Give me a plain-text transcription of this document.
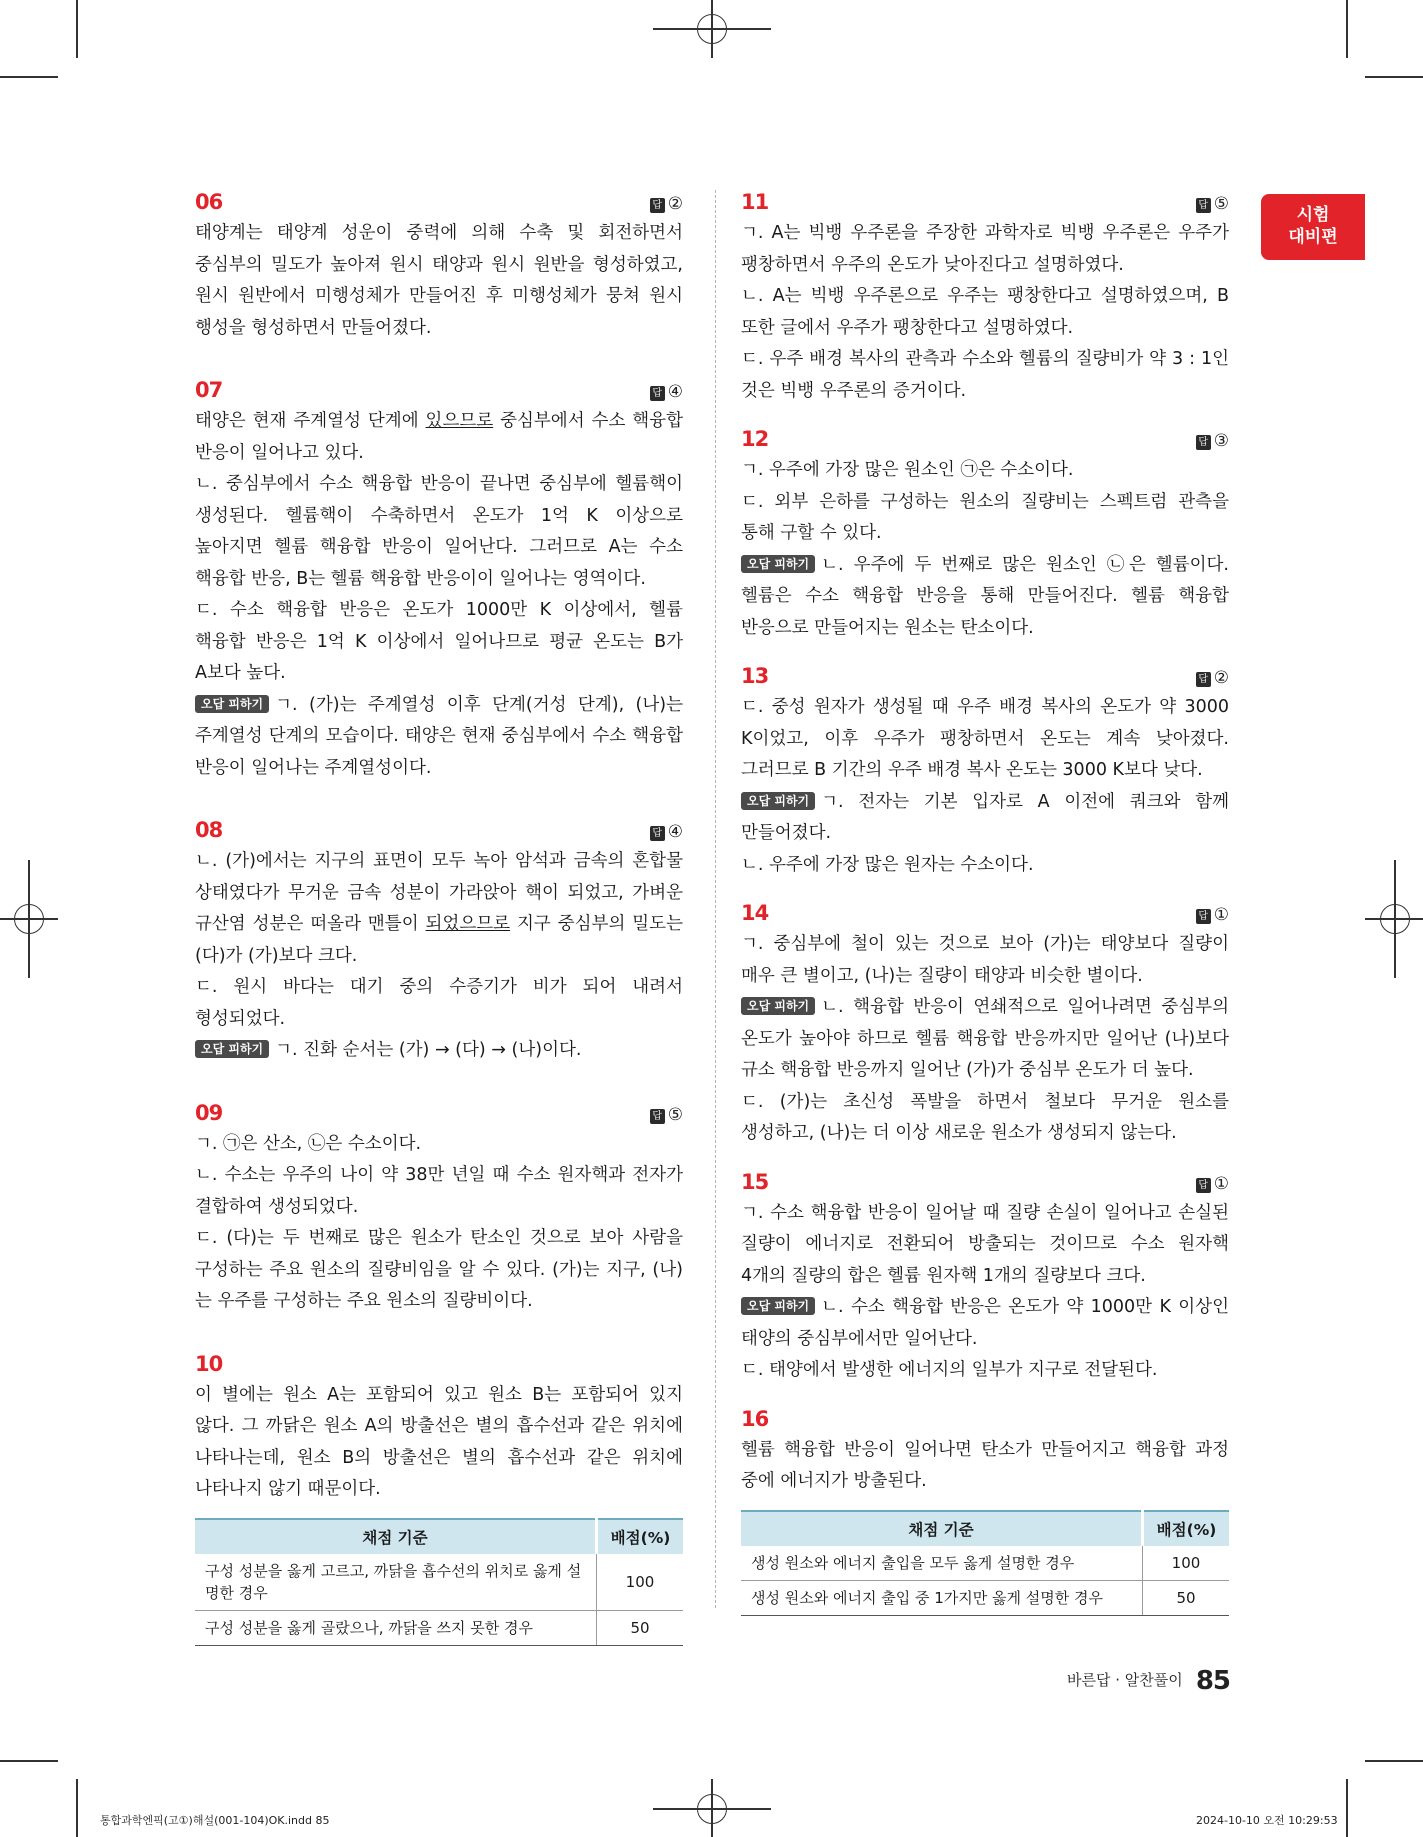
시험
대비편
06	답 ②

태양계는 태양계 성운이 중력에 의해 수축 및 회전하면서 중심부의 밀도가 높아져 원시 태양과 원시 원반을 형성하였고, 원시 원반에서 미행성체가 만들어진 후 미행성체가 뭉쳐 원시 행성을 형성하면서 만들어졌다.

07	답 ④

태양은 현재 주계열성 단계에 있으므로 중심부에서 수소 핵융합 반응이 일어나고 있다.

ㄴ. 중심부에서 수소 핵융합 반응이 끝나면 중심부에 헬륨핵이 생성된다. 헬륨핵이 수축하면서 온도가 1억 K 이상으로 높아지면 헬륨 핵융합 반응이 일어난다. 그러므로 A는 수소 핵융합 반응, B는 헬륨 핵융합 반응이이 일어나는 영역이다.

ㄷ. 수소 핵융합 반응은 온도가 1000만 K 이상에서, 헬륨 핵융합 반응은 1억 K 이상에서 일어나므로 평균 온도는 B가 A보다 높다.

오답 피하기 ㄱ. (가)는 주계열성 이후 단계(거성 단계), (나)는 주계열성 단계의 모습이다. 태양은 현재 중심부에서 수소 핵융합 반응이 일어나는 주계열성이다.

08	답 ④

ㄴ. (가)에서는 지구의 표면이 모두 녹아 암석과 금속의 혼합물 상태였다가 무거운 금속 성분이 가라앉아 핵이 되었고, 가벼운 규산염 성분은 떠올라 맨틀이 되었으므로 지구 중심부의 밀도는 (다)가 (가)보다 크다.

ㄷ. 원시 바다는 대기 중의 수증기가 비가 되어 내려서 형성되었다.

오답 피하기 ㄱ. 진화 순서는 (가) → (다) → (나)이다.

09	답 ⑤

ㄱ. ㉠은 산소, ㉡은 수소이다.

ㄴ. 수소는 우주의 나이 약 38만 년일 때 수소 원자핵과 전자가 결합하여 생성되었다.

ㄷ. (다)는 두 번째로 많은 원소가 탄소인 것으로 보아 사람을 구성하는 주요 원소의 질량비임을 알 수 있다. (가)는 지구, (나)는 우주를 구성하는 주요 원소의 질량비이다.

10

이 별에는 원소 A는 포함되어 있고 원소 B는 포함되어 있지 않다. 그 까닭은 원소 A의 방출선은 별의 흡수선과 같은 위치에 나타나는데, 원소 B의 방출선은 별의 흡수선과 같은 위치에 나타나지 않기 때문이다.

채점 기준	배점(%)
구성 성분을 옳게 고르고, 까닭을 흡수선의 위치로 옳게 설명한 경우	100
구성 성분을 옳게 골랐으나, 까닭을 쓰지 못한 경우	50
11	답 ⑤

ㄱ. A는 빅뱅 우주론을 주장한 과학자로 빅뱅 우주론은 우주가 팽창하면서 우주의 온도가 낮아진다고 설명하였다.

ㄴ. A는 빅뱅 우주론으로 우주는 팽창한다고 설명하였으며, B 또한 글에서 우주가 팽창한다고 설명하였다.

ㄷ. 우주 배경 복사의 관측과 수소와 헬륨의 질량비가 약 3 : 1인 것은 빅뱅 우주론의 증거이다.

12	답 ③

ㄱ. 우주에 가장 많은 원소인 ㉠은 수소이다.

ㄷ. 외부 은하를 구성하는 원소의 질량비는 스펙트럼 관측을 통해 구할 수 있다.

오답 피하기 ㄴ. 우주에 두 번째로 많은 원소인 ㉡은 헬륨이다. 헬륨은 수소 핵융합 반응을 통해 만들어진다. 헬륨 핵융합 반응으로 만들어지는 원소는 탄소이다.

13	답 ②

ㄷ. 중성 원자가 생성될 때 우주 배경 복사의 온도가 약 3000 K이었고, 이후 우주가 팽창하면서 온도는 계속 낮아졌다. 그러므로 B 기간의 우주 배경 복사 온도는 3000 K보다 낮다.

오답 피하기 ㄱ. 전자는 기본 입자로 A 이전에 쿼크와 함께 만들어졌다.

ㄴ. 우주에 가장 많은 원자는 수소이다.

14	답 ①

ㄱ. 중심부에 철이 있는 것으로 보아 (가)는 태양보다 질량이 매우 큰 별이고, (나)는 질량이 태양과 비슷한 별이다.

오답 피하기 ㄴ. 핵융합 반응이 연쇄적으로 일어나려면 중심부의 온도가 높아야 하므로 헬륨 핵융합 반응까지만 일어난 (나)보다 규소 핵융합 반응까지 일어난 (가)가 중심부 온도가 더 높다.

ㄷ. (가)는 초신성 폭발을 하면서 철보다 무거운 원소를 생성하고, (나)는 더 이상 새로운 원소가 생성되지 않는다.

15	답 ①

ㄱ. 수소 핵융합 반응이 일어날 때 질량 손실이 일어나고 손실된 질량이 에너지로 전환되어 방출되는 것이므로 수소 원자핵 4개의 질량의 합은 헬륨 원자핵 1개의 질량보다 크다.

오답 피하기 ㄴ. 수소 핵융합 반응은 온도가 약 1000만 K 이상인 태양의 중심부에서만 일어난다.

ㄷ. 태양에서 발생한 에너지의 일부가 지구로 전달된다.

16

헬륨 핵융합 반응이 일어나면 탄소가 만들어지고 핵융합 과정 중에 에너지가 방출된다.

채점 기준	배점(%)
생성 원소와 에너지 출입을 모두 옳게 설명한 경우	100
생성 원소와 에너지 출입 중 1가지만 옳게 설명한 경우	50
바른답 · 알찬풀이 85
통합과학엔픽(고①)해설(001-104)OK.indd 85	2024-10-10 오전 10:29:53
